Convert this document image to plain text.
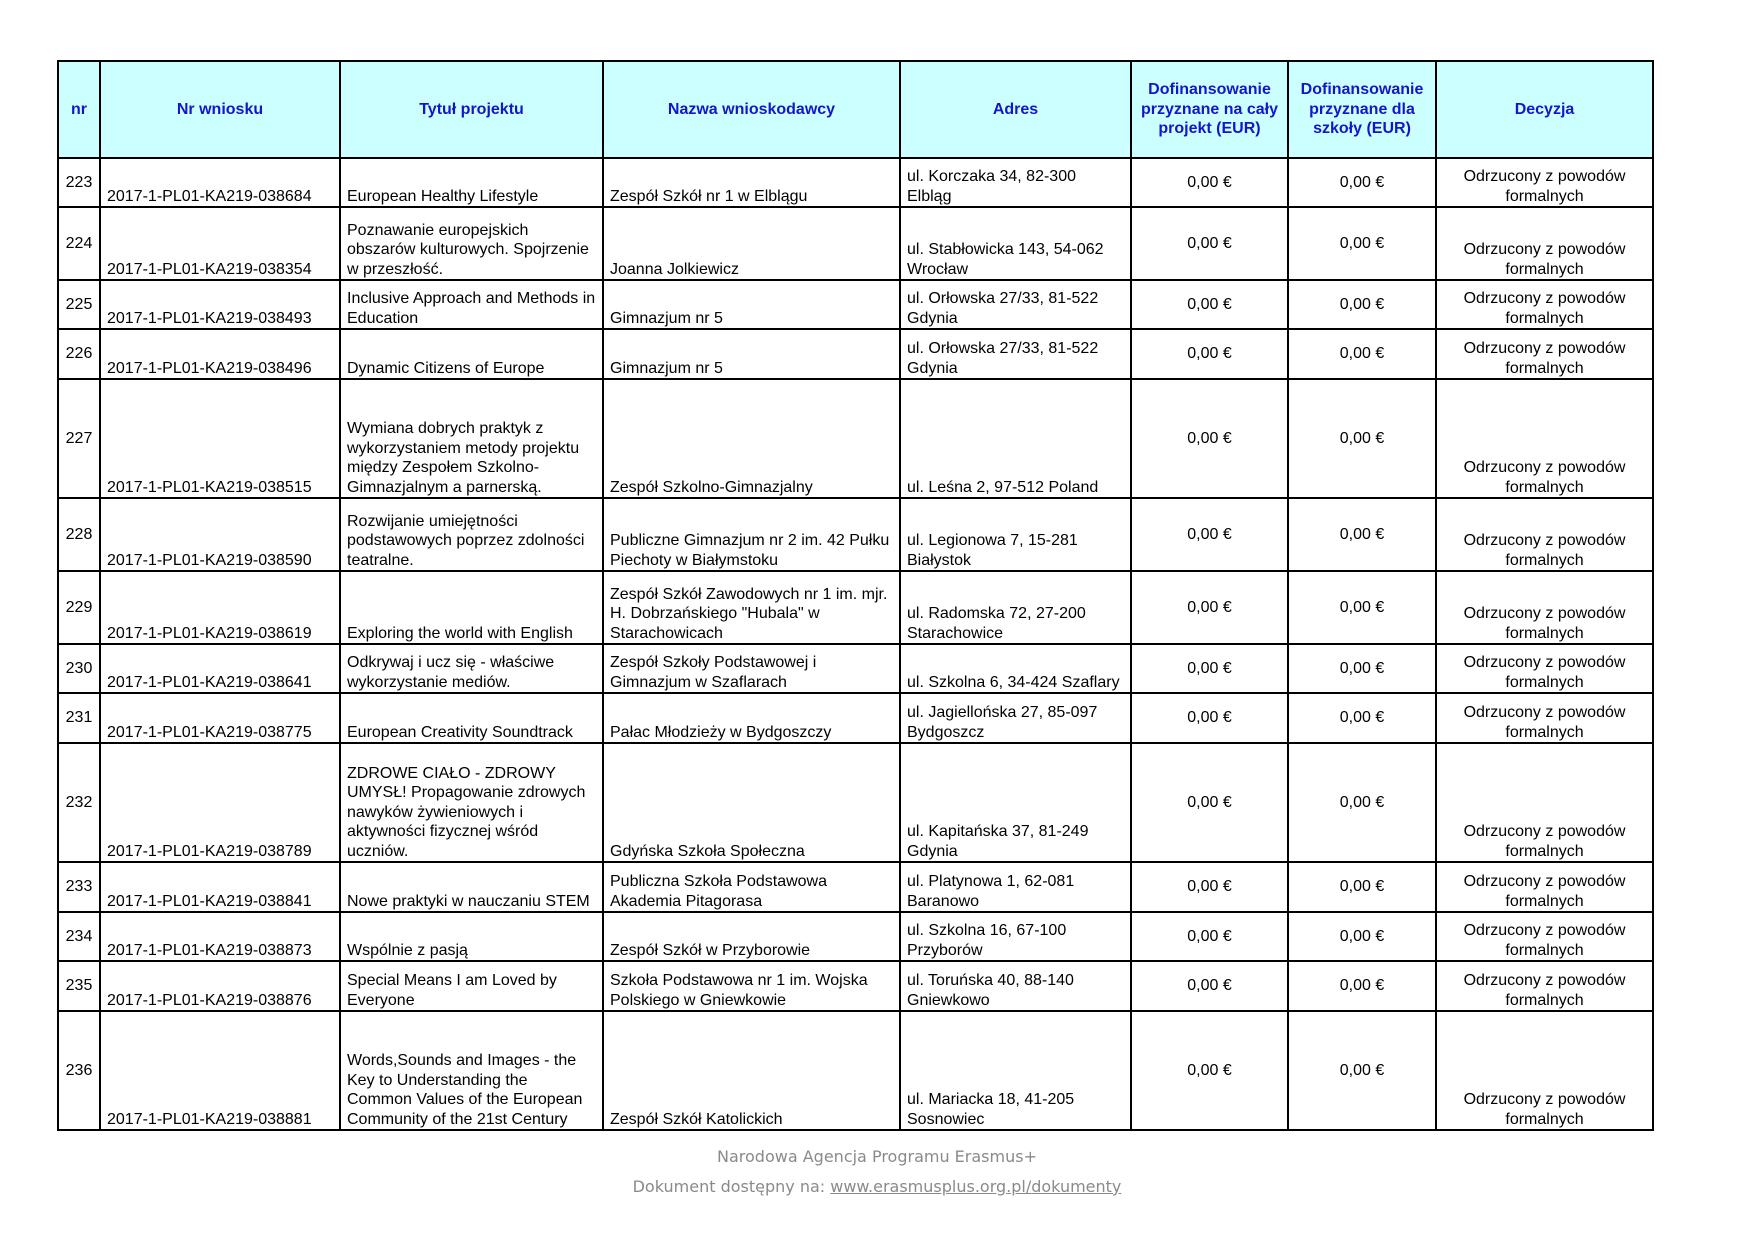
nr	Nr wniosku	Tytuł projektu	Nazwa wnioskodawcy	Adres	Dofinansowanie przyznane na cały projekt (EUR)	Dofinansowanie przyznane dla szkoły (EUR)	Decyzja
223	2017-1-PL01-KA219-038684	European Healthy Lifestyle	Zespół Szkół nr 1 w Elblągu	ul. Korczaka 34, 82-300 Elbląg	0,00 €	0,00 €	Odrzucony z powodów formalnych
224	2017-1-PL01-KA219-038354	Poznawanie europejskich obszarów kulturowych. Spojrzenie w przeszłość.	Joanna Jolkiewicz	ul. Stabłowicka 143, 54-062 Wrocław	0,00 €	0,00 €	Odrzucony z powodów formalnych
225	2017-1-PL01-KA219-038493	Inclusive Approach and Methods in Education	Gimnazjum nr 5	ul. Orłowska 27/33, 81-522 Gdynia	0,00 €	0,00 €	Odrzucony z powodów formalnych
226	2017-1-PL01-KA219-038496	Dynamic Citizens of Europe	Gimnazjum nr 5	ul. Orłowska 27/33, 81-522 Gdynia	0,00 €	0,00 €	Odrzucony z powodów formalnych
227	2017-1-PL01-KA219-038515	Wymiana dobrych praktyk z wykorzystaniem metody projektu między Zespołem Szkolno-Gimnazjalnym a parnerską.	Zespół Szkolno-Gimnazjalny	ul. Leśna 2, 97-512 Poland	0,00 €	0,00 €	Odrzucony z powodów formalnych
228	2017-1-PL01-KA219-038590	Rozwijanie umiejętności podstawowych poprzez zdolności teatralne.	Publiczne Gimnazjum nr 2 im. 42 Pułku Piechoty w Białymstoku	ul. Legionowa 7, 15-281 Białystok	0,00 €	0,00 €	Odrzucony z powodów formalnych
229	2017-1-PL01-KA219-038619	Exploring the world with English	Zespół Szkół Zawodowych nr 1 im. mjr. H. Dobrzańskiego "Hubala" w Starachowicach	ul. Radomska 72, 27-200 Starachowice	0,00 €	0,00 €	Odrzucony z powodów formalnych
230	2017-1-PL01-KA219-038641	Odkrywaj i ucz się - właściwe wykorzystanie mediów.	Zespół Szkoły Podstawowej i Gimnazjum w Szaflarach	ul. Szkolna 6, 34-424 Szaflary	0,00 €	0,00 €	Odrzucony z powodów formalnych
231	2017-1-PL01-KA219-038775	European Creativity Soundtrack	Pałac Młodzieży w Bydgoszczy	ul. Jagiellońska 27, 85-097 Bydgoszcz	0,00 €	0,00 €	Odrzucony z powodów formalnych
232	2017-1-PL01-KA219-038789	ZDROWE CIAŁO - ZDROWY UMYSŁ! Propagowanie zdrowych nawyków żywieniowych i aktywności fizycznej wśród uczniów.	Gdyńska Szkoła Społeczna	ul. Kapitańska 37, 81-249 Gdynia	0,00 €	0,00 €	Odrzucony z powodów formalnych
233	2017-1-PL01-KA219-038841	Nowe praktyki w nauczaniu STEM	Publiczna Szkoła Podstawowa Akademia Pitagorasa	ul. Platynowa 1, 62-081 Baranowo	0,00 €	0,00 €	Odrzucony z powodów formalnych
234	2017-1-PL01-KA219-038873	Wspólnie z pasją	Zespół Szkół w Przyborowie	ul. Szkolna 16, 67-100 Przyborów	0,00 €	0,00 €	Odrzucony z powodów formalnych
235	2017-1-PL01-KA219-038876	Special Means I am Loved by Everyone	Szkoła Podstawowa nr 1 im. Wojska Polskiego w Gniewkowie	ul. Toruńska 40, 88-140 Gniewkowo	0,00 €	0,00 €	Odrzucony z powodów formalnych
236	2017-1-PL01-KA219-038881	Words,Sounds and Images - the Key to Understanding the Common Values of the European Community of the 21st Century	Zespół Szkół Katolickich	ul. Mariacka 18, 41-205 Sosnowiec	0,00 €	0,00 €	Odrzucony z powodów formalnych
Narodowa Agencja Programu Erasmus+
Dokument dostępny na: www.erasmusplus.org.pl/dokumenty
